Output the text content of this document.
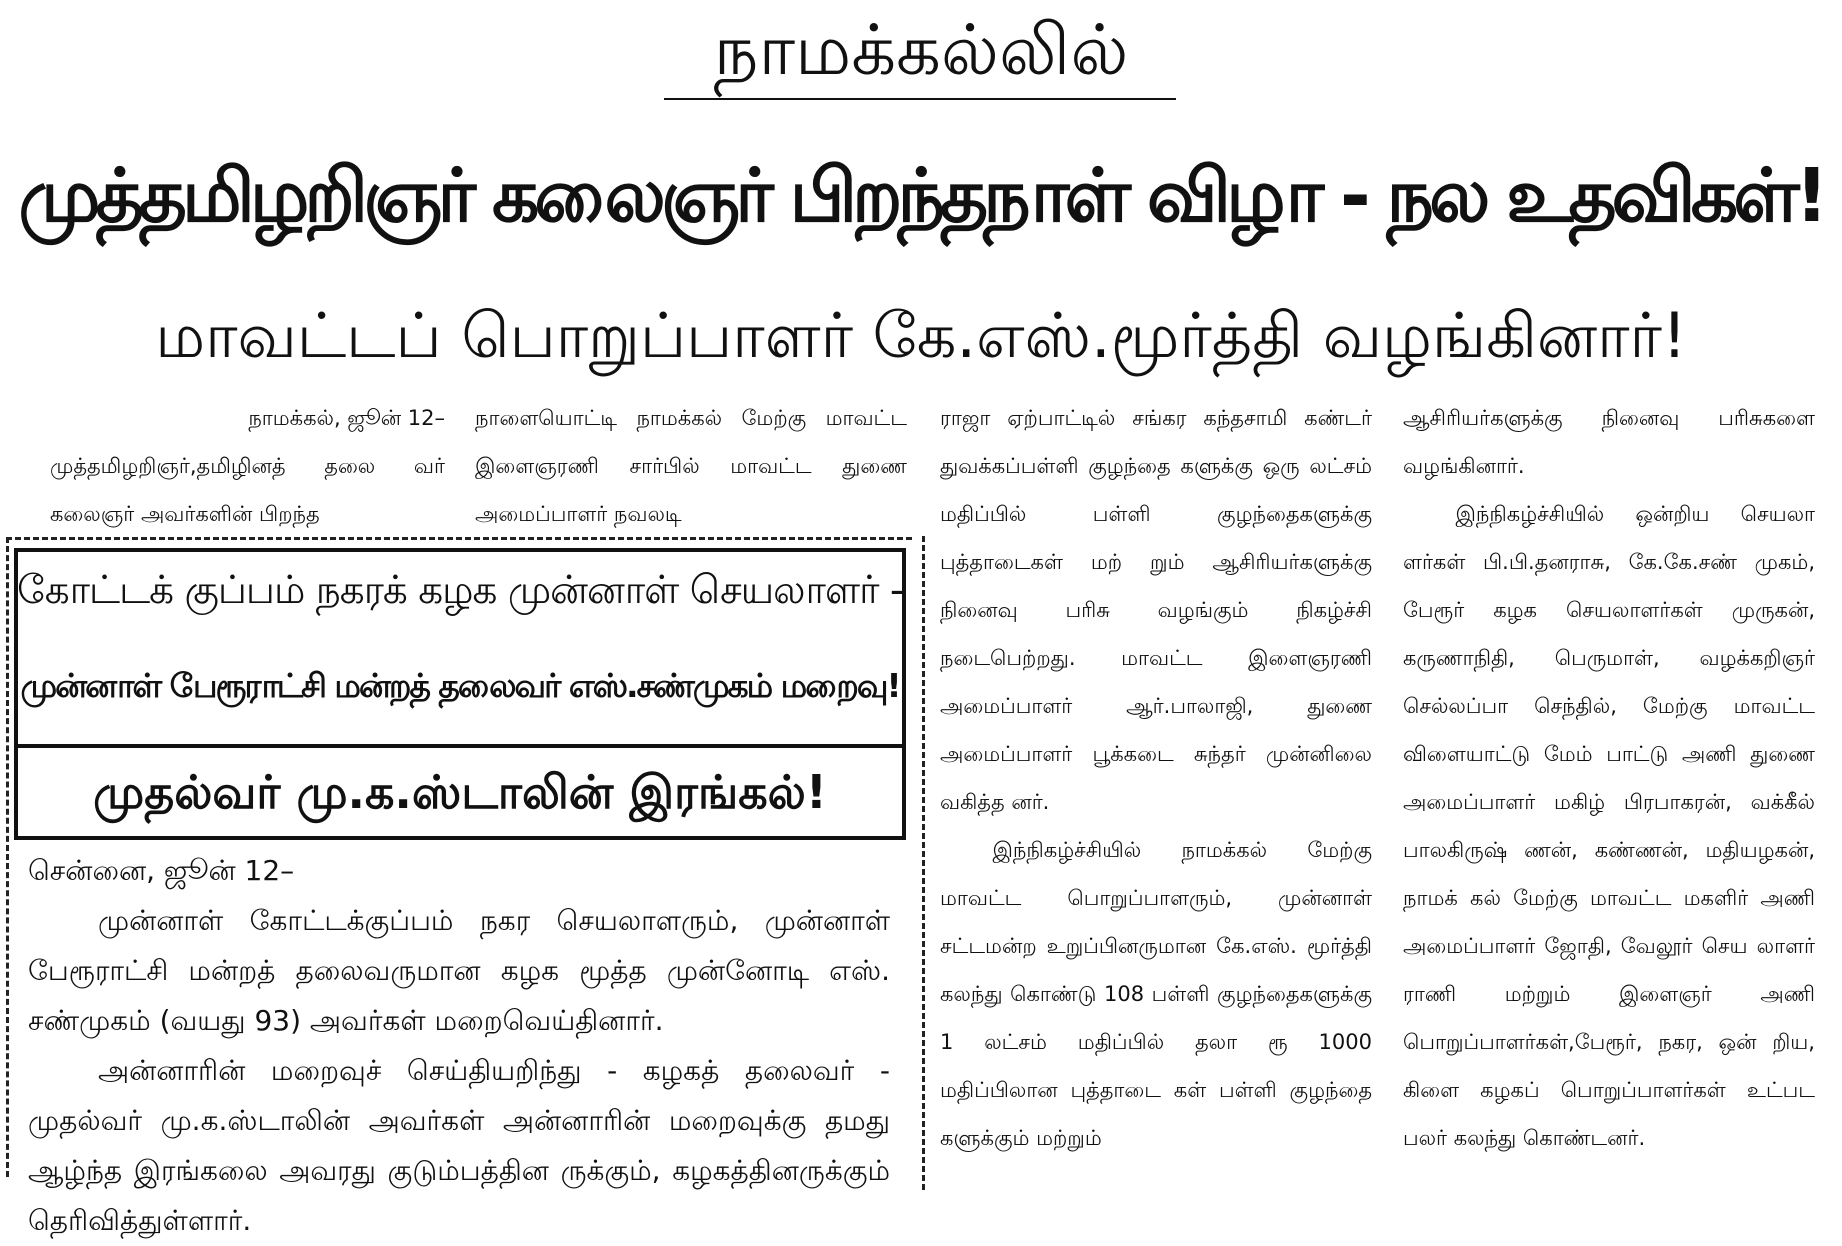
நாமக்கல்லில்
முத்தமிழறிஞர் கலைஞர் பிறந்தநாள் விழா - நல உதவிகள்!
மாவட்டப் பொறுப்பாளர் கே.எஸ்.மூர்த்தி வழங்கினார்!

நாமக்கல், ஜூன் 12–

முத்தமிழறிஞர்,தமிழினத் தலை வர் கலைஞர் அவர்களின் பிறந்த

நாளையொட்டி நாமக்கல் மேற்கு மாவட்ட இளைஞரணி சார்பில் மாவட்ட துணை அமைப்பாளர் நவலடி

ராஜா ஏற்பாட்டில் சங்கர கந்தசாமி கண்டர் துவக்கப்பள்ளி குழந்தை களுக்கு ஒரு லட்சம் மதிப்பில் பள்ளி குழந்தைகளுக்கு புத்தாடைகள் மற் றும் ஆசிரியர்களுக்கு நினைவு பரிசு வழங்கும் நிகழ்ச்சி நடைபெற்றது. மாவட்ட இளைஞரணி அமைப்பாளர் ஆர்.பாலாஜி, துணை அமைப்பாளர் பூக்கடை சுந்தர் முன்னிலை வகித்த னர்.

இந்நிகழ்ச்சியில் நாமக்கல் மேற்கு மாவட்ட பொறுப்பாளரும், முன்னாள் சட்டமன்ற உறுப்பினருமான கே.எஸ். மூர்த்தி கலந்து கொண்டு 108 பள்ளி குழந்தைகளுக்கு 1 லட்சம் மதிப்பில் தலா ரூ 1000 மதிப்பிலான புத்தாடை கள் பள்ளி குழந்தை களுக்கும் மற்றும்

ஆசிரியர்களுக்கு நினைவு பரிசுகளை வழங்கினார்.

இந்நிகழ்ச்சியில் ஒன்றிய செயலா ளர்கள் பி.பி.தனராசு, கே.கே.சண் முகம், பேரூர் கழக செயலாளர்கள் முருகன், கருணாநிதி, பெருமாள், வழக்கறிஞர் செல்லப்பா செந்தில், மேற்கு மாவட்ட விளையாட்டு மேம் பாட்டு அணி துணை அமைப்பாளர் மகிழ் பிரபாகரன், வக்கீல் பாலகிருஷ் ணன், கண்ணன், மதியழகன், நாமக் கல் மேற்கு மாவட்ட மகளிர் அணி அமைப்பாளர் ஜோதி, வேலூர் செய லாளர் ராணி மற்றும் இளைஞர் அணி பொறுப்பாளர்கள்,பேரூர், நகர, ஒன் றிய, கிளை கழகப் பொறுப்பாளர்கள் உட்பட பலர் கலந்து கொண்டனர்.

கோட்டக் குப்பம் நகரக் கழக முன்னாள் செயலாளர் -
முன்னாள் பேரூராட்சி மன்றத் தலைவர் எஸ்.சண்முகம் மறைவு!
முதல்வர் மு.க.ஸ்டாலின் இரங்கல்!

சென்னை, ஜூன் 12–

முன்னாள் கோட்டக்குப்பம் நகர செயலாளரும், முன்னாள் பேரூராட்சி மன்றத் தலைவருமான கழக மூத்த முன்னோடி எஸ். சண்முகம் (வயது 93) அவர்கள் மறைவெய்தினார்.

அன்னாரின் மறைவுச் செய்தியறிந்து - கழகத் தலைவர் - முதல்வர் மு.க.ஸ்டாலின் அவர்கள் அன்னாரின் மறைவுக்கு தமது ஆழ்ந்த இரங்கலை அவரது குடும்பத்தின ருக்கும், கழகத்தினருக்கும் தெரிவித்துள்ளார்.
